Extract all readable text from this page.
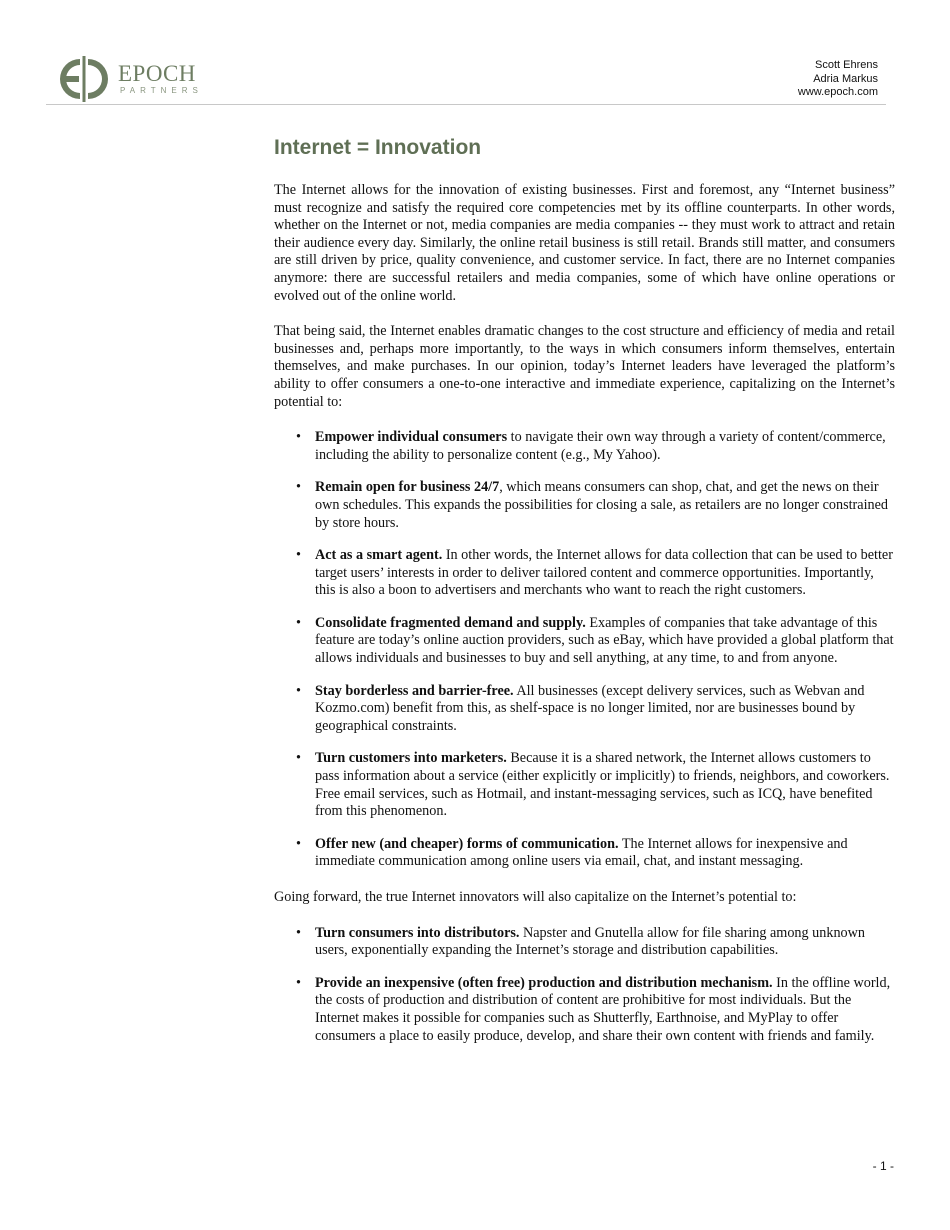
EPOCH
PARTNERS
Scott Ehrens
Adria Markus
www.epoch.com
Internet = Innovation

The Internet allows for the innovation of existing businesses. First and foremost, any “Internet business” must recognize and satisfy the required core competencies met by its offline counterparts. In other words, whether on the Internet or not, media companies are media companies -- they must work to attract and retain their audience every day. Similarly, the online retail business is still retail. Brands still matter, and consumers are still driven by price, quality convenience, and customer service. In fact, there are no Internet companies anymore: there are successful retailers and media companies, some of which have online operations or evolved out of the online world.

That being said, the Internet enables dramatic changes to the cost structure and efficiency of media and retail businesses and, perhaps more importantly, to the ways in which consumers inform themselves, entertain themselves, and make purchases. In our opinion, today’s Internet leaders have leveraged the platform’s ability to offer consumers a one-to-one interactive and immediate experience, capitalizing on the Internet’s potential to:

• Empower individual consumers to navigate their own way through a variety of content/commerce, including the ability to personalize content (e.g., My Yahoo).
• Remain open for business 24/7, which means consumers can shop, chat, and get the news on their own schedules. This expands the possibilities for closing a sale, as retailers are no longer constrained by store hours.
• Act as a smart agent. In other words, the Internet allows for data collection that can be used to better target users’ interests in order to deliver tailored content and commerce opportunities. Importantly, this is also a boon to advertisers and merchants who want to reach the right customers.
• Consolidate fragmented demand and supply. Examples of companies that take advantage of this feature are today’s online auction providers, such as eBay, which have provided a global platform that allows individuals and businesses to buy and sell anything, at any time, to and from anyone.
• Stay borderless and barrier-free. All businesses (except delivery services, such as Webvan and Kozmo.com) benefit from this, as shelf-space is no longer limited, nor are businesses bound by geographical constraints.
• Turn customers into marketers. Because it is a shared network, the Internet allows customers to pass information about a service (either explicitly or implicitly) to friends, neighbors, and coworkers. Free email services, such as Hotmail, and instant-messaging services, such as ICQ, have benefited from this phenomenon.
• Offer new (and cheaper) forms of communication. The Internet allows for inexpensive and immediate communication among online users via email, chat, and instant messaging.

Going forward, the true Internet innovators will also capitalize on the Internet’s potential to:

• Turn consumers into distributors. Napster and Gnutella allow for file sharing among unknown users, exponentially expanding the Internet’s storage and distribution capabilities.
• Provide an inexpensive (often free) production and distribution mechanism. In the offline world, the costs of production and distribution of content are prohibitive for most individuals. But the Internet makes it possible for companies such as Shutterfly, Earthnoise, and MyPlay to offer consumers a place to easily produce, develop, and share their own content with friends and family.
- 1 -
